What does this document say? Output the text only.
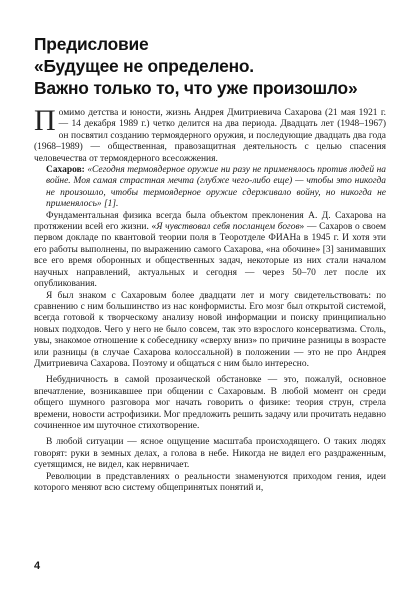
Предисловие
«Будущее не определено.
Важно только то, что уже произошло»

Помимо детства и юности, жизнь Андрея Дмитриевича Сахарова (21 мая 1921 г. — 14 декабря 1989 г.) четко делится на два периода. Двадцать лет (1948–1967) он посвятил созданию термоядерного оружия, и последующие двадцать два года (1968–1989) — общественная, правозащитная деятельность с целью спасения человечества от термоядерного всесожжения.

Сахаров: «Сегодня термоядерное оружие ни разу не применялось против людей на войне. Моя самая страстная мечта (глубже чего-либо еще) — чтобы это никогда не произошло, чтобы термоядерное оружие сдерживало войну, но никогда не применялось» [1].

Фундаментальная физика всегда была объектом преклонения А. Д. Сахарова на протяжении всей его жизни. «Я чувствовал себя посланцем богов» — Сахаров о своем первом докладе по квантовой теории поля в Теоротделе ФИАНа в 1945 г. И хотя эти его работы выполнены, по выражению самого Сахарова, «на обочине» [3] занимавших все его время оборонных и общественных задач, некоторые из них стали началом научных направлений, актуальных и сегодня — через 50–70 лет после их опубликования.

Я был знаком с Сахаровым более двадцати лет и могу свидетельствовать: по сравнению с ним большинство из нас конформисты. Его мозг был открытой системой, всегда готовой к творческому анализу новой информации и поиску принципиально новых подходов. Чего у него не было совсем, так это взрослого консерватизма. Столь, увы, знакомое отношение к собеседнику «сверху вниз» по причине разницы в возрасте или разницы (в случае Сахарова колоссальной) в положении — это не про Андрея Дмитриевича Сахарова. Поэтому и общаться с ним было интересно.

Небудничность в самой прозаической обстановке — это, пожалуй, основное впечатление, возникавшее при общении с Сахаровым. В любой момент он среди общего шумного разговора мог начать говорить о физике: теория струн, стрела времени, новости астрофизики. Мог предложить решить задачу или прочитать недавно сочиненное им шуточное стихотворение.

В любой ситуации — ясное ощущение масштаба происходящего. О таких людях говорят: руки в земных делах, а голова в небе. Никогда не видел его раздраженным, суетящимся, не видел, как нервничает.

Революции в представлениях о реальности знаменуются приходом гения, идеи которого меняют всю систему общепринятых понятий и,

4
